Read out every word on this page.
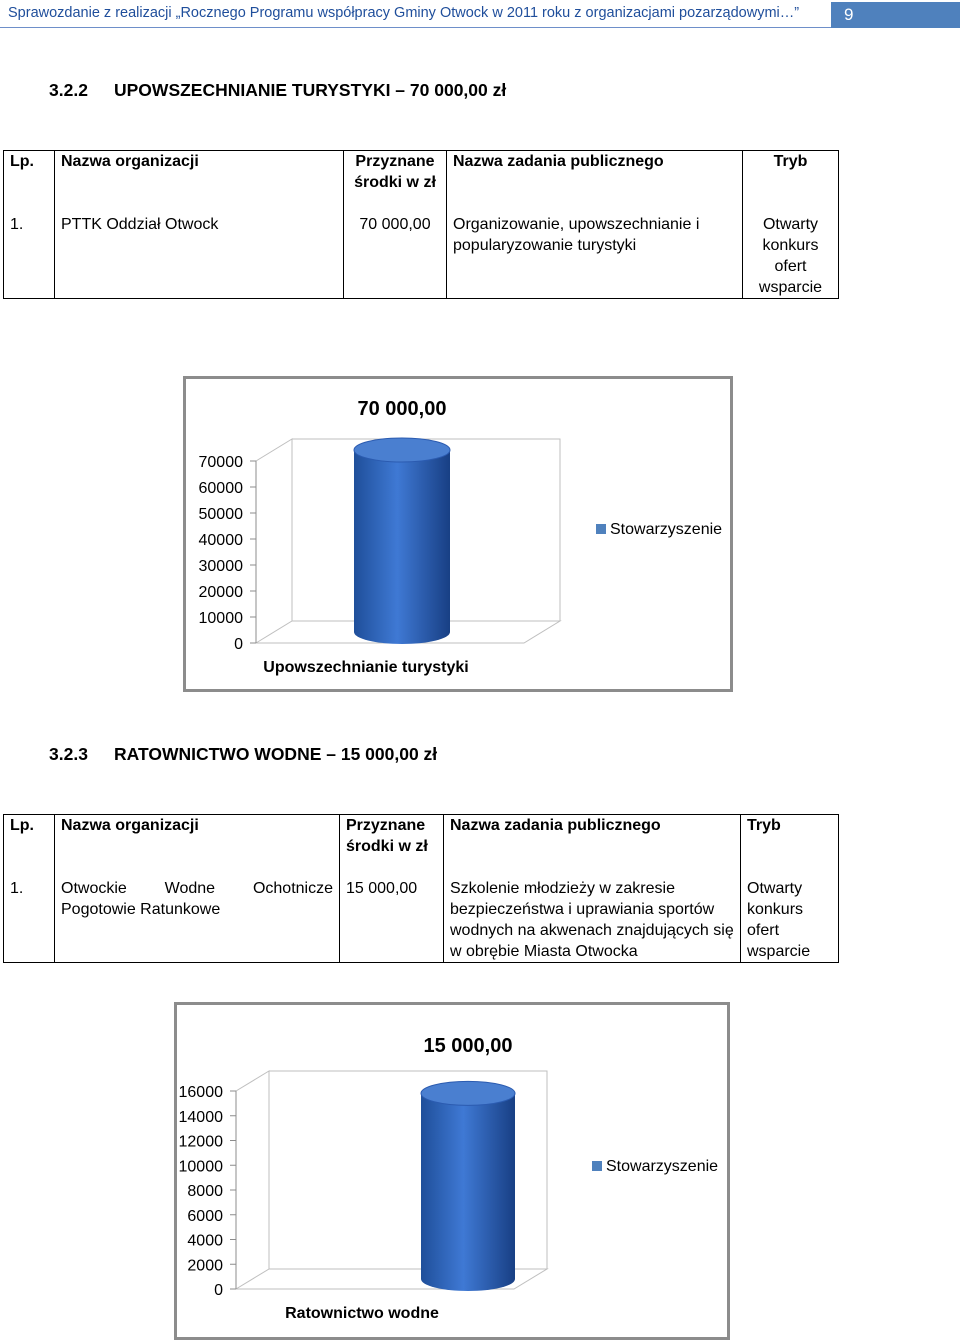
Sprawozdanie z realizacji „Rocznego Programu współpracy Gminy Otwock w 2011 roku z organizacjami pozarządowymi…”	9
3.2.2 UPOWSZECHNIANIE TURYSTYKI – 70 000,00 zł
Lp.	Nazwa organizacji	Przyznane środki w zł	Nazwa zadania publicznego	Tryb
1.	PTTK Oddział Otwock	70 000,00	Organizowanie, upowszechnianie i popularyzowanie turystyki	Otwarty konkurs ofert wsparcie
70000
60000
50000
40000
30000
20000
10000
0
70 000,00
Upowszechnianie turystyki
Stowarzyszenie
3.2.3 RATOWNICTWO WODNE – 15 000,00 zł
Lp.	Nazwa organizacji	Przyznane środki w zł	Nazwa zadania publicznego	Tryb
1.	Otwockie Wodne Ochotnicze Pogotowie Ratunkowe	15 000,00	Szkolenie młodzieży w zakresie bezpieczeństwa i uprawiania sportów wodnych na akwenach znajdujących się w obrębie Miasta Otwocka	Otwarty konkurs ofert wsparcie
16000
14000
12000
10000
8000
6000
4000
2000
0
15 000,00
Ratownictwo wodne
Stowarzyszenie
